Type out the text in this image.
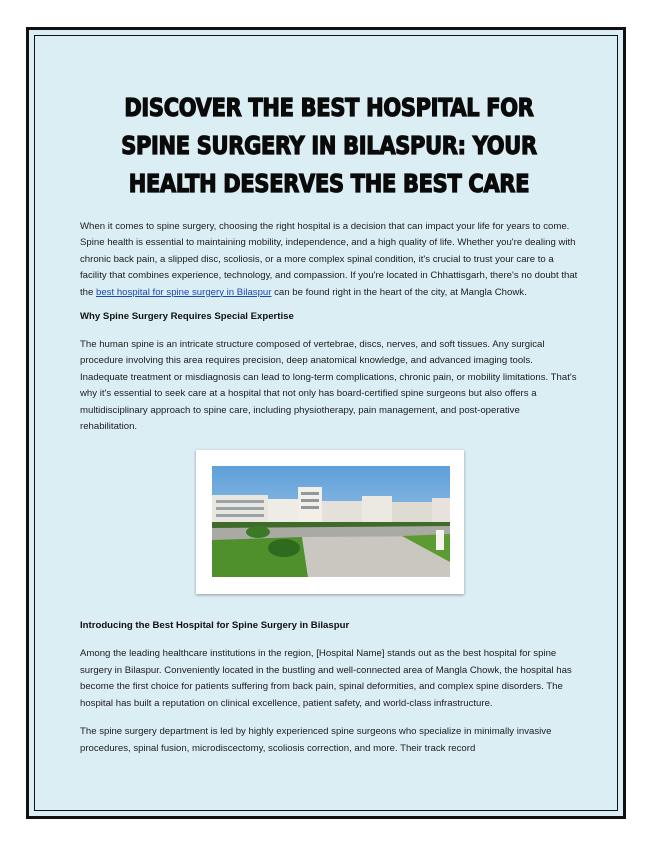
DISCOVER THE BEST HOSPITAL FOR SPINE SURGERY IN BILASPUR: YOUR HEALTH DESERVES THE BEST CARE

When it comes to spine surgery, choosing the right hospital is a decision that can impact your life for years to come. Spine health is essential to maintaining mobility, independence, and a high quality of life. Whether you're dealing with chronic back pain, a slipped disc, scoliosis, or a more complex spinal condition, it's crucial to trust your care to a facility that combines experience, technology, and compassion. If you're located in Chhattisgarh, there's no doubt that the best hospital for spine surgery in Bilaspur can be found right in the heart of the city, at Mangla Chowk.

Why Spine Surgery Requires Special Expertise

The human spine is an intricate structure composed of vertebrae, discs, nerves, and soft tissues. Any surgical procedure involving this area requires precision, deep anatomical knowledge, and advanced imaging tools. Inadequate treatment or misdiagnosis can lead to long-term complications, chronic pain, or mobility limitations. That's why it's essential to seek care at a hospital that not only has board-certified spine surgeons but also offers a multidisciplinary approach to spine care, including physiotherapy, pain management, and post-operative rehabilitation.

Introducing the Best Hospital for Spine Surgery in Bilaspur

Among the leading healthcare institutions in the region, [Hospital Name] stands out as the best hospital for spine surgery in Bilaspur. Conveniently located in the bustling and well-connected area of Mangla Chowk, the hospital has become the first choice for patients suffering from back pain, spinal deformities, and complex spine disorders. The hospital has built a reputation on clinical excellence, patient safety, and world-class infrastructure.

The spine surgery department is led by highly experienced spine surgeons who specialize in minimally invasive procedures, spinal fusion, microdiscectomy, scoliosis correction, and more. Their track record
